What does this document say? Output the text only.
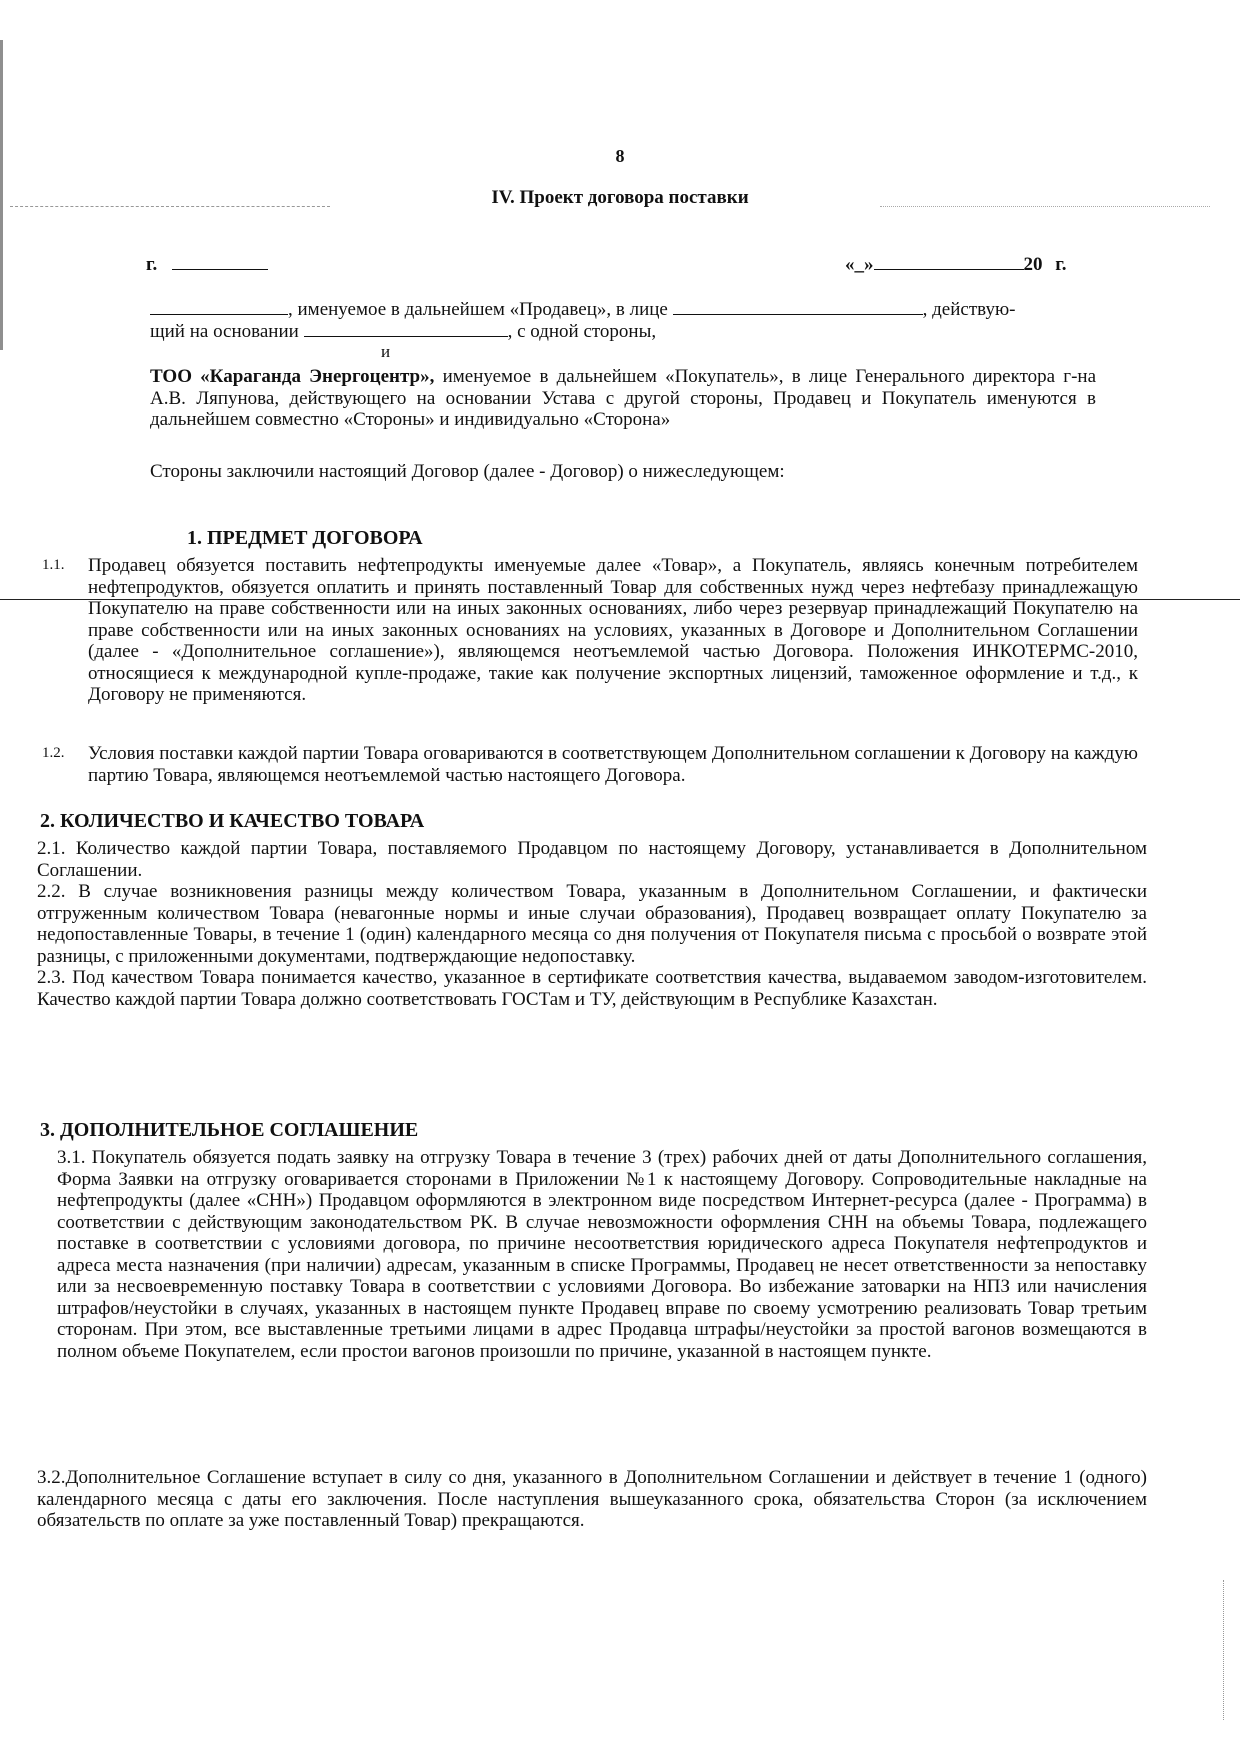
8
IV. Проект договора поставки
г.	«_»	20 г.
, именуемое в дальнейшем «Продавец», в лице	, действую-
щий на основании	, с одной стороны,
и

ТОО «Караганда Энергоцентр», именуемое в дальнейшем «Покупатель», в лице Генерального директора г-на А.В. Ляпунова, действующего на основании Устава с другой стороны, Продавец и Покупатель именуются в дальнейшем совместно «Стороны» и индивидуально «Сторона»

Стороны заключили настоящий Договор (далее - Договор) о нижеследующем:
1. ПРЕДМЕТ ДОГОВОРА
1.1. Продавец обязуется поставить нефтепродукты именуемые далее «Товар», а Покупатель, являясь конечным потребителем нефтепродуктов, обязуется оплатить и принять поставленный Товар для собственных нужд через нефтебазу принадлежащую Покупателю на праве собственности или на иных законных основаниях, либо через резервуар принадлежащий Покупателю на праве собственности или на иных законных основаниях на условиях, указанных в Договоре и Дополнительном Соглашении (далее - «Дополнительное соглашение»), являющемся неотъемлемой частью Договора. Положения ИНКОТЕРМС-2010, относящиеся к международной купле-продаже, такие как получение экспортных лицензий, таможенное оформление и т.д., к Договору не применяются.
1.2. Условия поставки каждой партии Товара оговариваются в соответствующем Дополнительном соглашении к Договору на каждую партию Товара, являющемся неотъемлемой частью настоящего Договора.
2. КОЛИЧЕСТВО И КАЧЕСТВО ТОВАРА

2.1. Количество каждой партии Товара, поставляемого Продавцом по настоящему Договору, устанавливается в Дополнительном Соглашении.

2.2. В случае возникновения разницы между количеством Товара, указанным в Дополнительном Соглашении, и фактически отгруженным количеством Товара (невагонные нормы и иные случаи образования), Продавец возвращает оплату Покупателю за недопоставленные Товары, в течение 1 (один) календарного месяца со дня получения от Покупателя письма с просьбой о возврате этой разницы, с приложенными документами, подтверждающие недопоставку.

2.3. Под качеством Товара понимается качество, указанное в сертификате соответствия качества, выдаваемом заводом-изготовителем. Качество каждой партии Товара должно соответствовать ГОСТам и ТУ, действующим в Республике Казахстан.

3. ДОПОЛНИТЕЛЬНОЕ СОГЛАШЕНИЕ

3.1. Покупатель обязуется подать заявку на отгрузку Товара в течение 3 (трех) рабочих дней от даты Дополнительного соглашения, Форма Заявки на отгрузку оговаривается сторонами в Приложении №1 к настоящему Договору. Сопроводительные накладные на нефтепродукты (далее «СНН») Продавцом оформляются в электронном виде посредством Интернет-ресурса (далее - Программа) в соответствии с действующим законодательством РК. В случае невозможности оформления СНН на объемы Товара, подлежащего поставке в соответствии с условиями договора, по причине несоответствия юридического адреса Покупателя нефтепродуктов и адреса места назначения (при наличии) адресам, указанным в списке Программы, Продавец не несет ответственности за непоставку или за несвоевременную поставку Товара в соответствии с условиями Договора. Во избежание затоварки на НПЗ или начисления штрафов/неустойки в случаях, указанных в настоящем пункте Продавец вправе по своему усмотрению реализовать Товар третьим сторонам. При этом, все выставленные третьими лицами в адрес Продавца штрафы/неустойки за простой вагонов возмещаются в полном объеме Покупателем, если простои вагонов произошли по причине, указанной в настоящем пункте.

3.2.Дополнительное Соглашение вступает в силу со дня, указанного в Дополнительном Соглашении и действует в течение 1 (одного) календарного месяца с даты его заключения. После наступления вышеуказанного срока, обязательства Сторон (за исключением обязательств по оплате за уже поставленный Товар) прекращаются.
